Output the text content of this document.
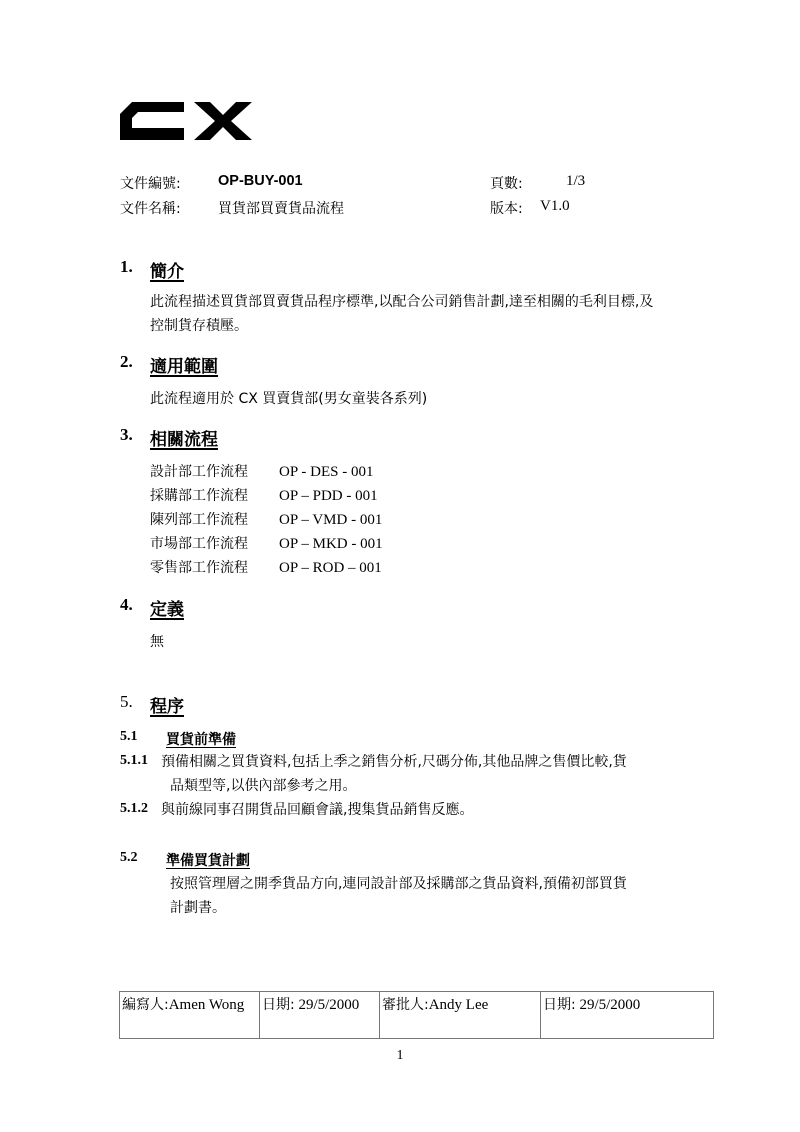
文件編號:	OP-BUY-001	頁數:	1/3
文件名稱:	買貨部買賣貨品流程	版本: V1.0
1. 簡介
此流程描述買貨部買賣貨品程序標準,以配合公司銷售計劃,達至相關的毛利目標,及
控制貨存積壓。
2. 適用範圍
此流程適用於 CX 買賣貨部(男女童裝各系列)
3. 相關流程
設計部工作流程 OP - DES - 001
採購部工作流程 OP – PDD - 001
陳列部工作流程 OP – VMD - 001
市場部工作流程 OP – MKD - 001
零售部工作流程 OP – ROD – 001
4. 定義
無
5. 程序
5.1 買貨前準備
5.1.1 預備相關之買貨資料,包括上季之銷售分析,尺碼分佈,其他品牌之售價比較,貨
品類型等,以供內部參考之用。
5.1.2 與前線同事召開貨品回顧會議,搜集貨品銷售反應。
5.2 準備買貨計劃
按照管理層之開季貨品方向,連同設計部及採購部之貨品資料,預備初部買貨
計劃書。
編寫人:Amen Wong	日期: 29/5/2000	審批人:Andy Lee	日期: 29/5/2000
1
